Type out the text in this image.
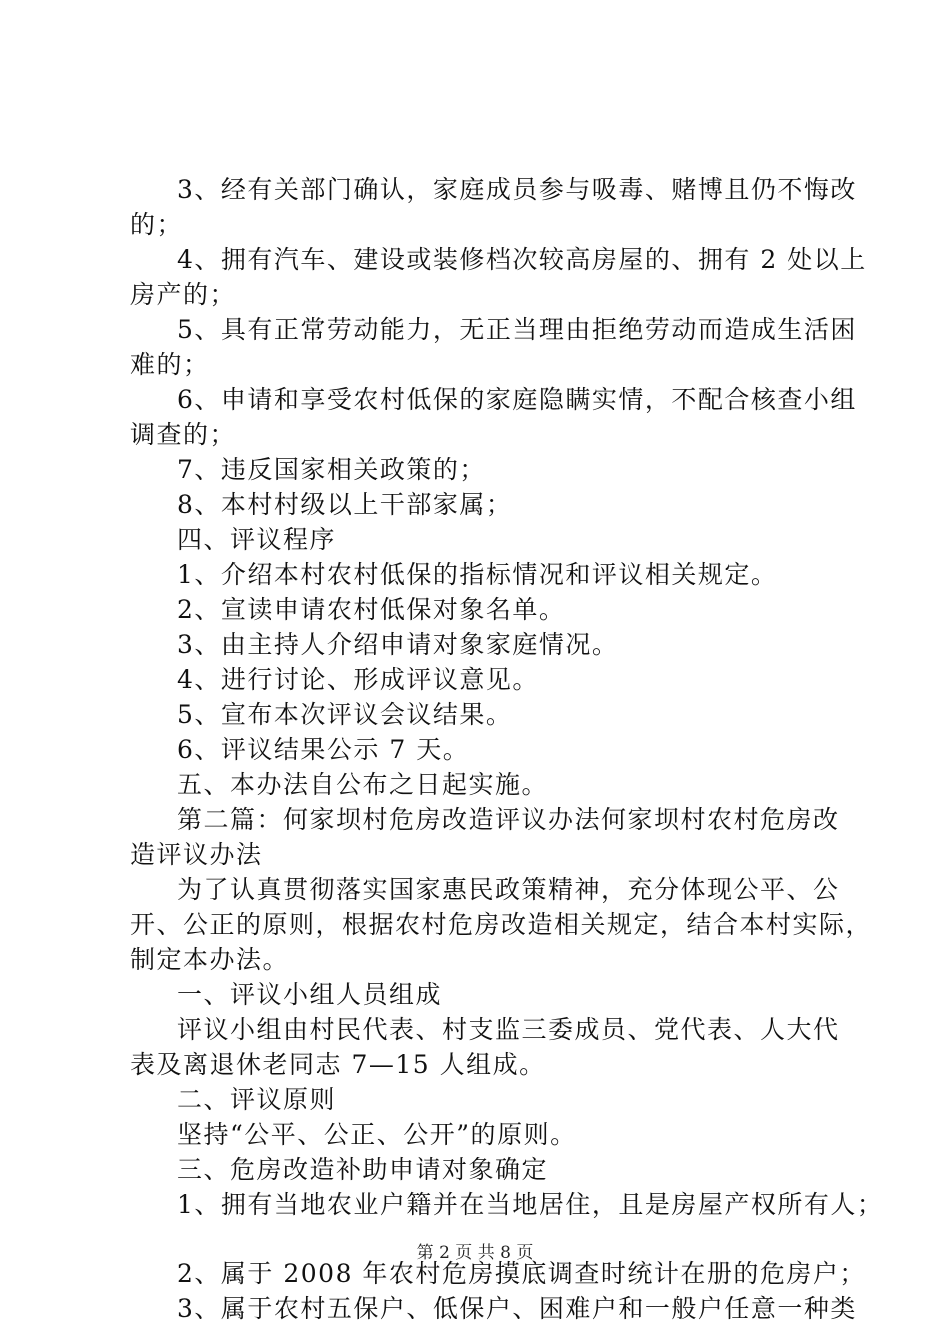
3、经有关部门确认，家庭成员参与吸毒、赌博且仍不悔改
的；
4、拥有汽车、建设或装修档次较高房屋的、拥有 2 处以上
房产的；
5、具有正常劳动能力，无正当理由拒绝劳动而造成生活困
难的；
6、申请和享受农村低保的家庭隐瞒实情，不配合核查小组
调查的；
7、违反国家相关政策的；
8、本村村级以上干部家属；
四、评议程序
1、介绍本村农村低保的指标情况和评议相关规定。
2、宣读申请农村低保对象名单。
3、由主持人介绍申请对象家庭情况。
4、进行讨论、形成评议意见。
5、宣布本次评议会议结果。
6、评议结果公示 7 天。
五、本办法自公布之日起实施。
第二篇：何家坝村危房改造评议办法何家坝村农村危房改
造评议办法
为了认真贯彻落实国家惠民政策精神，充分体现公平、公
开、公正的原则，根据农村危房改造相关规定，结合本村实际，
制定本办法。
一、评议小组人员组成
评议小组由村民代表、村支监三委成员、党代表、人大代
表及离退休老同志 7—15 人组成。
二、评议原则
坚持“公平、公正、公开”的原则。
三、危房改造补助申请对象确定
1、拥有当地农业户籍并在当地居住，且是房屋产权所有人；
2、属于 2008 年农村危房摸底调查时统计在册的危房户；
3、属于农村五保户、低保户、困难户和一般户任意一种类
第 2 页 共 8 页
